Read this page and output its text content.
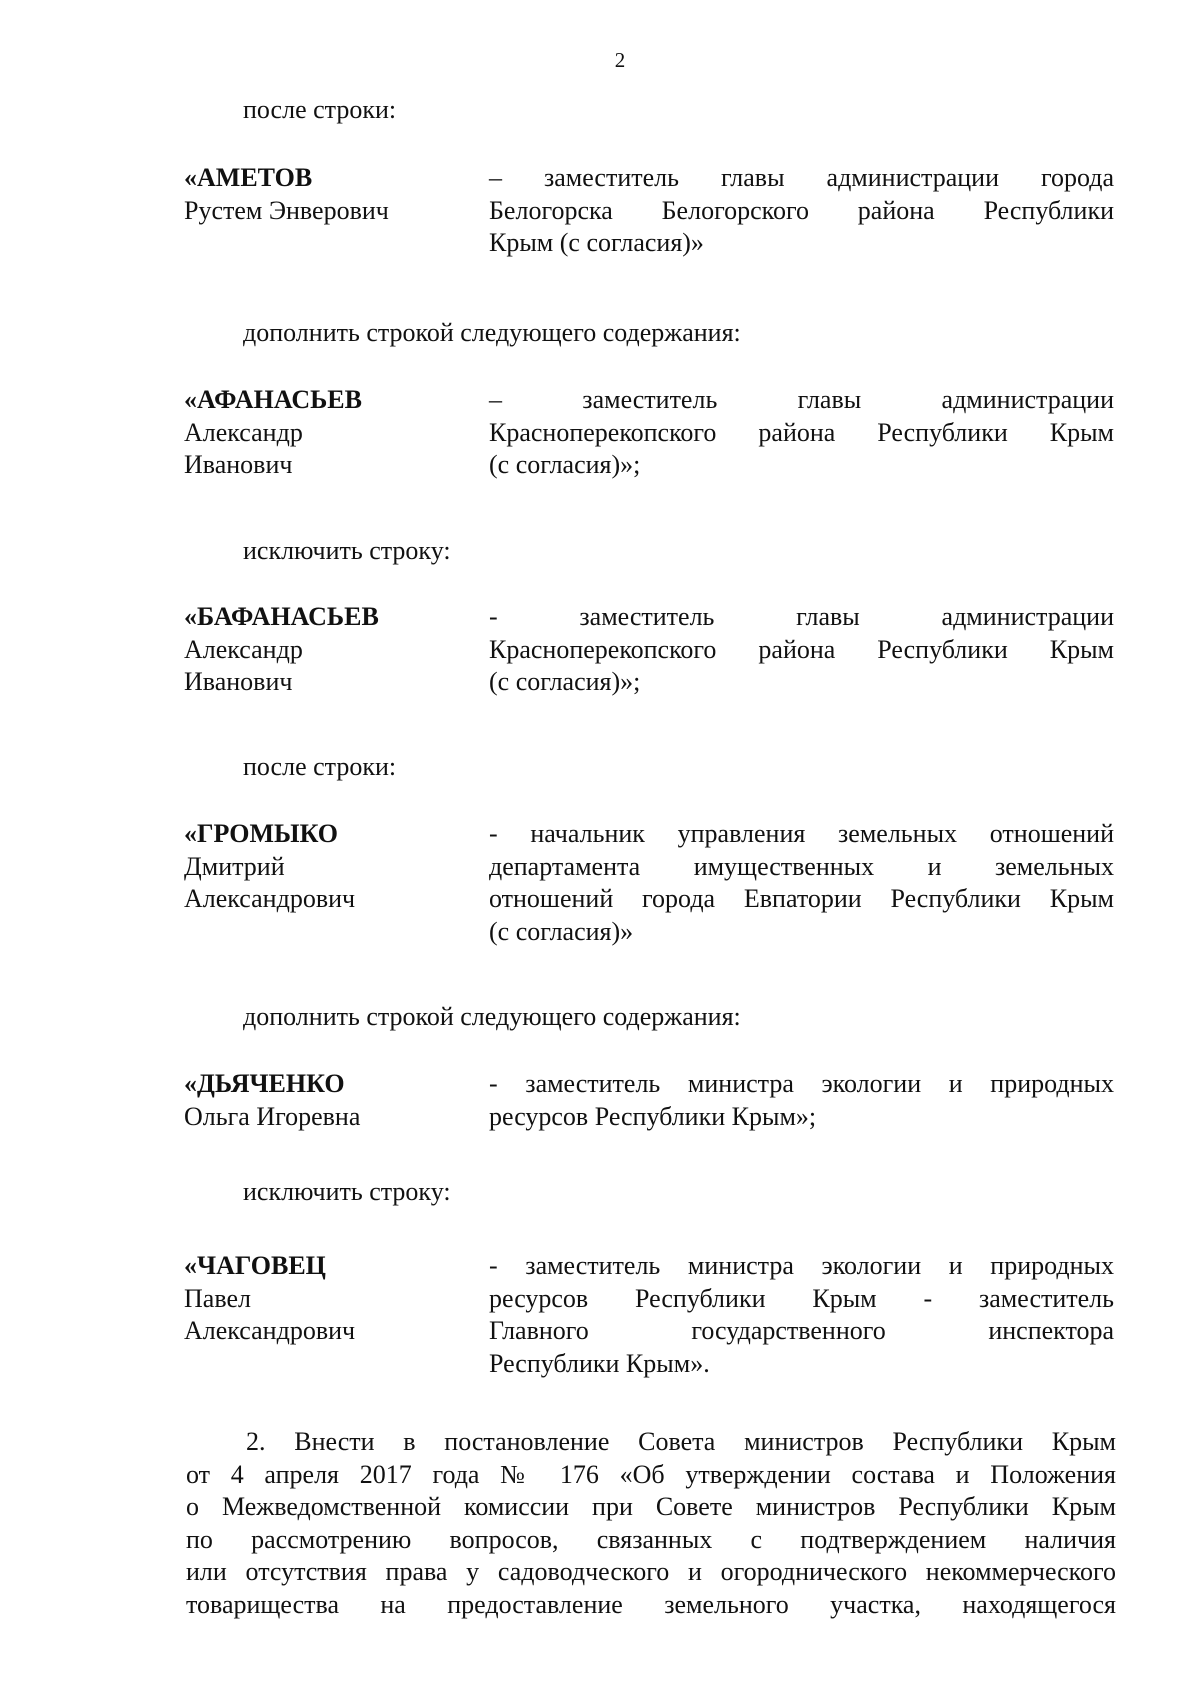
2
после строки:
«АМЕТОВ
Рустем Энверович
– заместитель главы администрации города
Белогорска Белогорского района Республики
Крым (с согласия)»
дополнить строкой следующего содержания:
«АФАНАСЬЕВ
Александр
Иванович
– заместитель главы администрации
Красноперекопского района Республики Крым
(с согласия)»;
исключить строку:
«БАФАНАСЬЕВ
Александр
Иванович
- заместитель главы администрации
Красноперекопского района Республики Крым
(с согласия)»;
после строки:
«ГРОМЫКО
Дмитрий
Александрович
- начальник управления земельных отношений
департамента имущественных и земельных
отношений города Евпатории Республики Крым
(с согласия)»
дополнить строкой следующего содержания:
«ДЬЯЧЕНКО
Ольга Игоревна
- заместитель министра экологии и природных
ресурсов Республики Крым»;
исключить строку:
«ЧАГОВЕЦ
Павел
Александрович
- заместитель министра экологии и природных
ресурсов Республики Крым - заместитель
Главного государственного инспектора
Республики Крым».
2. Внести в постановление Совета министров Республики Крым
от 4 апреля 2017 года № 176 «Об утверждении состава и Положения
о Межведомственной комиссии при Совете министров Республики Крым
по рассмотрению вопросов, связанных с подтверждением наличия
или отсутствия права у садоводческого и огороднического некоммерческого
товарищества на предоставление земельного участка, находящегося
